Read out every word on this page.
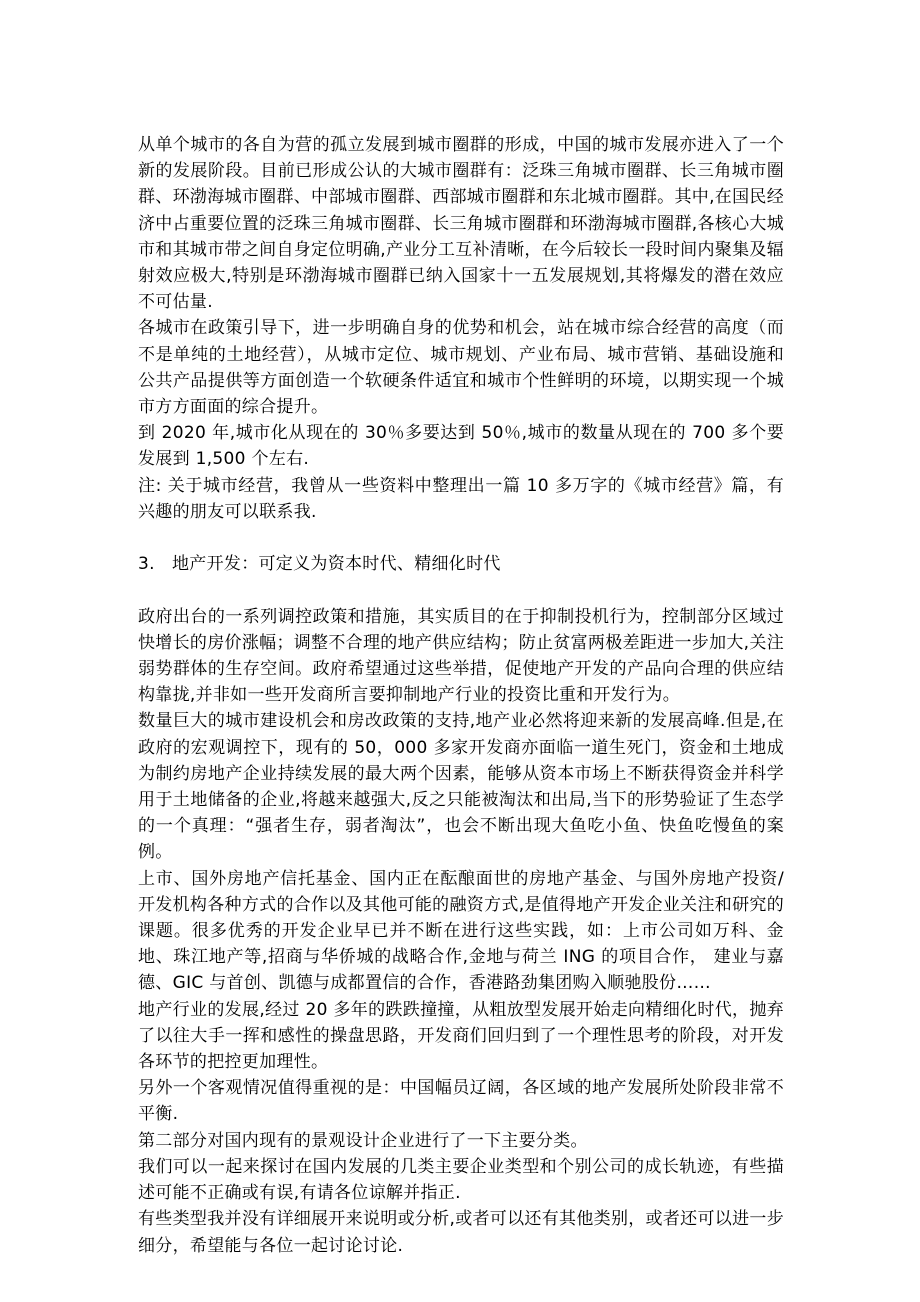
从单个城市的各自为营的孤立发展到城市圈群的形成，中国的城市发展亦进入了一个新的发展阶段。目前已形成公认的大城市圈群有：泛珠三角城市圈群、长三角城市圈群、环渤海城市圈群、中部城市圈群、西部城市圈群和东北城市圈群。其中,在国民经济中占重要位置的泛珠三角城市圈群、长三角城市圈群和环渤海城市圈群,各核心大城市和其城市带之间自身定位明确,产业分工互补清晰，在今后较长一段时间内聚集及辐射效应极大,特别是环渤海城市圈群已纳入国家十一五发展规划,其将爆发的潜在效应不可估量.

各城市在政策引导下，进一步明确自身的优势和机会，站在城市综合经营的高度（而不是单纯的土地经营），从城市定位、城市规划、产业布局、城市营销、基础设施和公共产品提供等方面创造一个软硬条件适宜和城市个性鲜明的环境，以期实现一个城市方方面面的综合提升。

到 2020 年,城市化从现在的 30％多要达到 50％,城市的数量从现在的 700 多个要发展到 1,500 个左右.

注: 关于城市经营，我曾从一些资料中整理出一篇 10 多万字的《城市经营》篇，有兴趣的朋友可以联系我.

3. 地产开发：可定义为资本时代、精细化时代

政府出台的一系列调控政策和措施，其实质目的在于抑制投机行为，控制部分区域过快增长的房价涨幅；调整不合理的地产供应结构；防止贫富两极差距进一步加大,关注弱势群体的生存空间。政府希望通过这些举措，促使地产开发的产品向合理的供应结构靠拢,并非如一些开发商所言要抑制地产行业的投资比重和开发行为。

数量巨大的城市建设机会和房改政策的支持,地产业必然将迎来新的发展高峰.但是,在政府的宏观调控下，现有的 50，000 多家开发商亦面临一道生死门，资金和土地成为制约房地产企业持续发展的最大两个因素，能够从资本市场上不断获得资金并科学用于土地储备的企业,将越来越强大,反之只能被淘汰和出局,当下的形势验证了生态学的一个真理：“强者生存，弱者淘汰”，也会不断出现大鱼吃小鱼、快鱼吃慢鱼的案例。

上市、国外房地产信托基金、国内正在酝酿面世的房地产基金、与国外房地产投资/开发机构各种方式的合作以及其他可能的融资方式,是值得地产开发企业关注和研究的课题。很多优秀的开发企业早已并不断在进行这些实践，如：上市公司如万科、金地、珠江地产等,招商与华侨城的战略合作,金地与荷兰 ING 的项目合作， 建业与嘉德、GIC 与首创、凯德与成都置信的合作，香港路劲集团购入顺驰股份……

地产行业的发展,经过 20 多年的跌跌撞撞，从粗放型发展开始走向精细化时代，抛弃了以往大手一挥和感性的操盘思路，开发商们回归到了一个理性思考的阶段，对开发各环节的把控更加理性。

另外一个客观情况值得重视的是：中国幅员辽阔，各区域的地产发展所处阶段非常不平衡.

第二部分对国内现有的景观设计企业进行了一下主要分类。

我们可以一起来探讨在国内发展的几类主要企业类型和个别公司的成长轨迹，有些描述可能不正确或有误,有请各位谅解并指正.

有些类型我并没有详细展开来说明或分析,或者可以还有其他类别，或者还可以进一步细分，希望能与各位一起讨论讨论.
